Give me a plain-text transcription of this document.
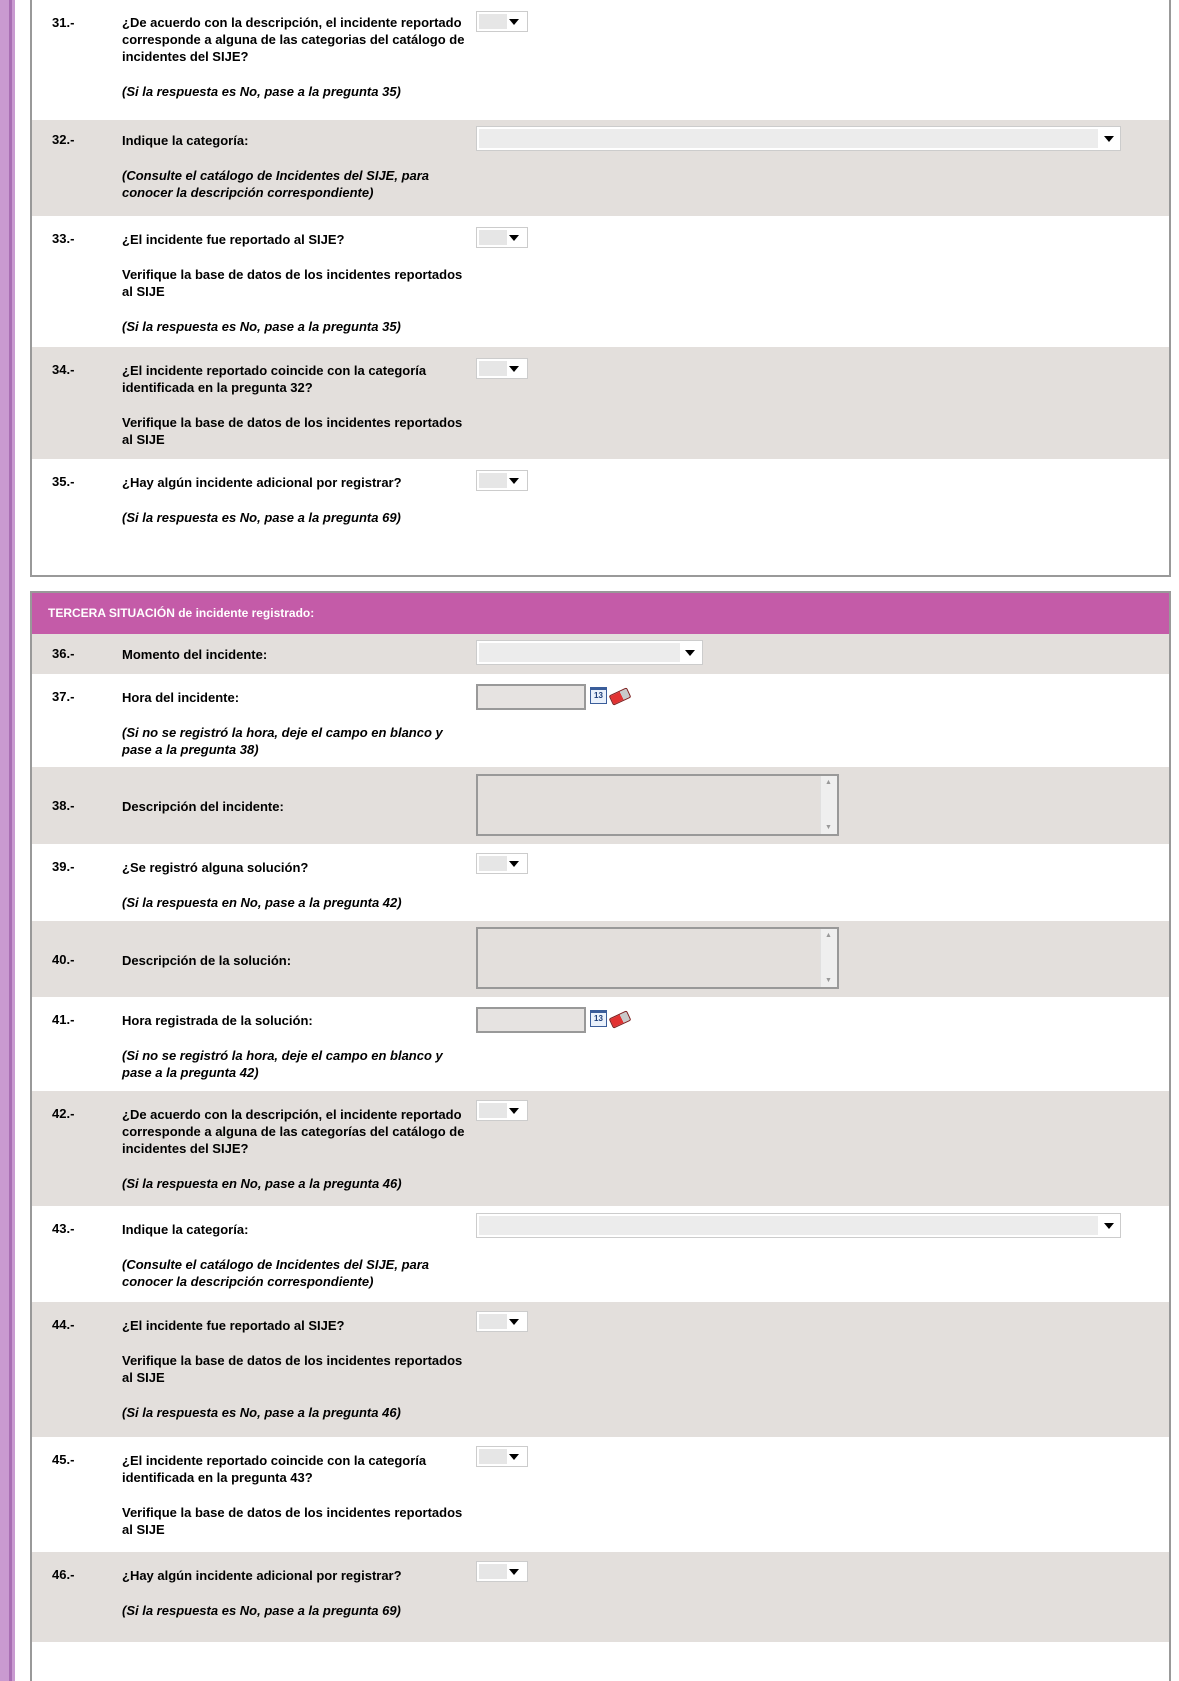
31.-	¿De acuerdo con la descripción, el incidente reportado corresponde a alguna de las categorias del catálogo de incidentes del SIJE?

(Si la respuesta es No, pase a la pregunta 35)

32.-	Indique la categoría:

(Consulte el catálogo de Incidentes del SIJE, para conocer la descripción correspondiente)

33.-	¿El incidente fue reportado al SIJE?

Verifique la base de datos de los incidentes reportados al SIJE

(Si la respuesta es No, pase a la pregunta 35)

34.-	¿El incidente reportado coincide con la categoría identificada en la pregunta 32?

Verifique la base de datos de los incidentes reportados al SIJE

35.-	¿Hay algún incidente adicional por registrar?

(Si la respuesta es No, pase a la pregunta 69)

TERCERA SITUACIÓN de incidente registrado:
36.-	Momento del incidente:

37.-	Hora del incidente:

(Si no se registró la hora, deje el campo en blanco y pase a la pregunta 38)

13
38.-	Descripción del incidente:

▲ ▼
39.-	¿Se registró alguna solución?

(Si la respuesta en No, pase a la pregunta 42)

40.-	Descripción de la solución:

▲ ▼
41.-	Hora registrada de la solución:

(Si no se registró la hora, deje el campo en blanco y pase a la pregunta 42)

13
42.-	¿De acuerdo con la descripción, el incidente reportado corresponde a alguna de las categorías del catálogo de incidentes del SIJE?

(Si la respuesta en No, pase a la pregunta 46)

43.-	Indique la categoría:

(Consulte el catálogo de Incidentes del SIJE, para conocer la descripción correspondiente)

44.-	¿El incidente fue reportado al SIJE?

Verifique la base de datos de los incidentes reportados al SIJE

(Si la respuesta es No, pase a la pregunta 46)

45.-	¿El incidente reportado coincide con la categoría identificada en la pregunta 43?

Verifique la base de datos de los incidentes reportados al SIJE

46.-	¿Hay algún incidente adicional por registrar?

(Si la respuesta es No, pase a la pregunta 69)
